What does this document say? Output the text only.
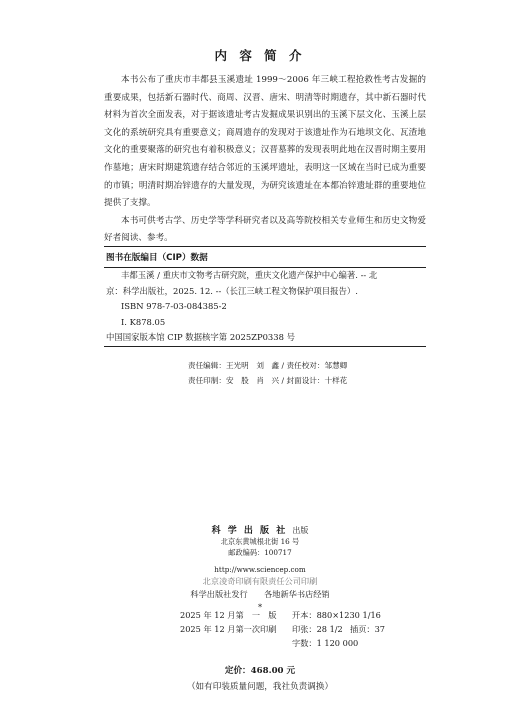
内 容 简 介

本书公布了重庆市丰都县玉溪遗址 1999～2006 年三峡工程抢救性考古发掘的重要成果，包括新石器时代、商周、汉晋、唐宋、明清等时期遗存，其中新石器时代材料为首次全面发表，对于据该遗址考古发掘成果识别出的玉溪下层文化、玉溪上层文化的系统研究具有重要意义；商周遗存的发现对于该遗址作为石地坝文化、瓦渣地文化的重要聚落的研究也有着积极意义；汉晋墓葬的发现表明此地在汉晋时期主要用作墓地；唐宋时期建筑遗存结合邻近的玉溪坪遗址，表明这一区域在当时已成为重要的市镇；明清时期冶锌遗存的大量发现，为研究该遗址在本都冶锌遗址群的重要地位提供了支撑。

本书可供考古学、历史学等学科研究者以及高等院校相关专业师生和历史文物爱好者阅读、参考。

图书在版编目（CIP）数据
丰都玉溪 / 重庆市文物考古研究院，重庆文化遗产保护中心编著. -- 北
京：科学出版社，2025. 12. --（长江三峡工程文物保护项目报告）.
ISBN 978-7-03-084385-2
Ⅰ. K878.05
中国国家版本馆 CIP 数据核字第 2025ZP0338 号
责任编辑：王光明　刘　鑫 / 责任校对：邹慧卿
责任印制：安　股　肖　兴 / 封面设计：十样花
科 学 出 版 社 出版
北京东黄城根北街 16 号
邮政编码：100717
http://www.sciencep.com
北京凌奇印刷有限责任公司印刷
科学出版社发行　　各地新华书店经销
*
2025 年 12 月第　一　版 开本：880×1230 1/16
2025 年 12 月第一次印刷 印张：28 1/2 插页：37
字数：1 120 000
定价：468.00 元
（如有印装质量问题，我社负责调换）
